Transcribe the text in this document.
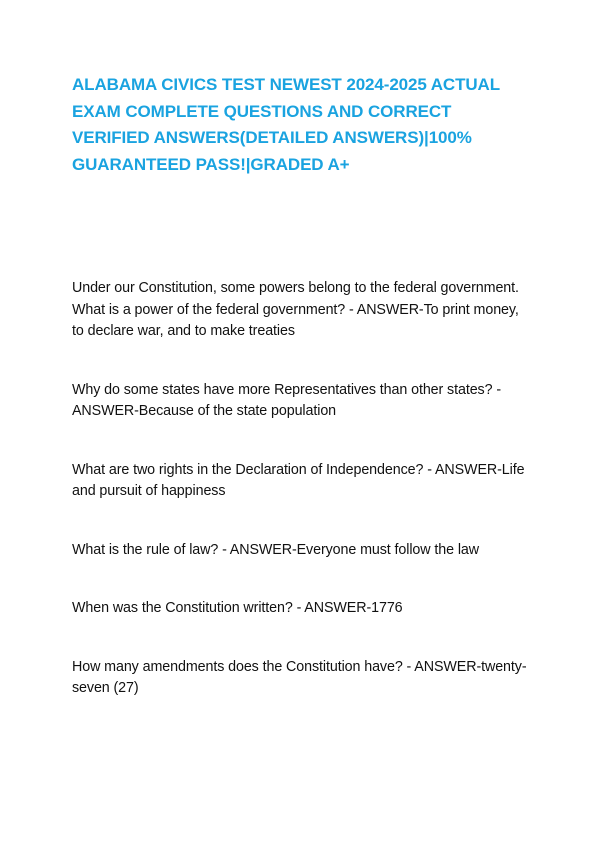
ALABAMA CIVICS TEST NEWEST 2024-2025 ACTUAL EXAM COMPLETE QUESTIONS AND CORRECT VERIFIED ANSWERS(DETAILED ANSWERS)|100% GUARANTEED PASS!|GRADED A+

Under our Constitution, some powers belong to the federal government. What is a power of the federal government? - ANSWER-To print money, to declare war, and to make treaties

Why do some states have more Representatives than other states? - ANSWER-Because of the state population

What are two rights in the Declaration of Independence? - ANSWER-Life and pursuit of happiness

What is the rule of law? - ANSWER-Everyone must follow the law

When was the Constitution written? - ANSWER-1776

How many amendments does the Constitution have? - ANSWER-twenty-seven (27)
